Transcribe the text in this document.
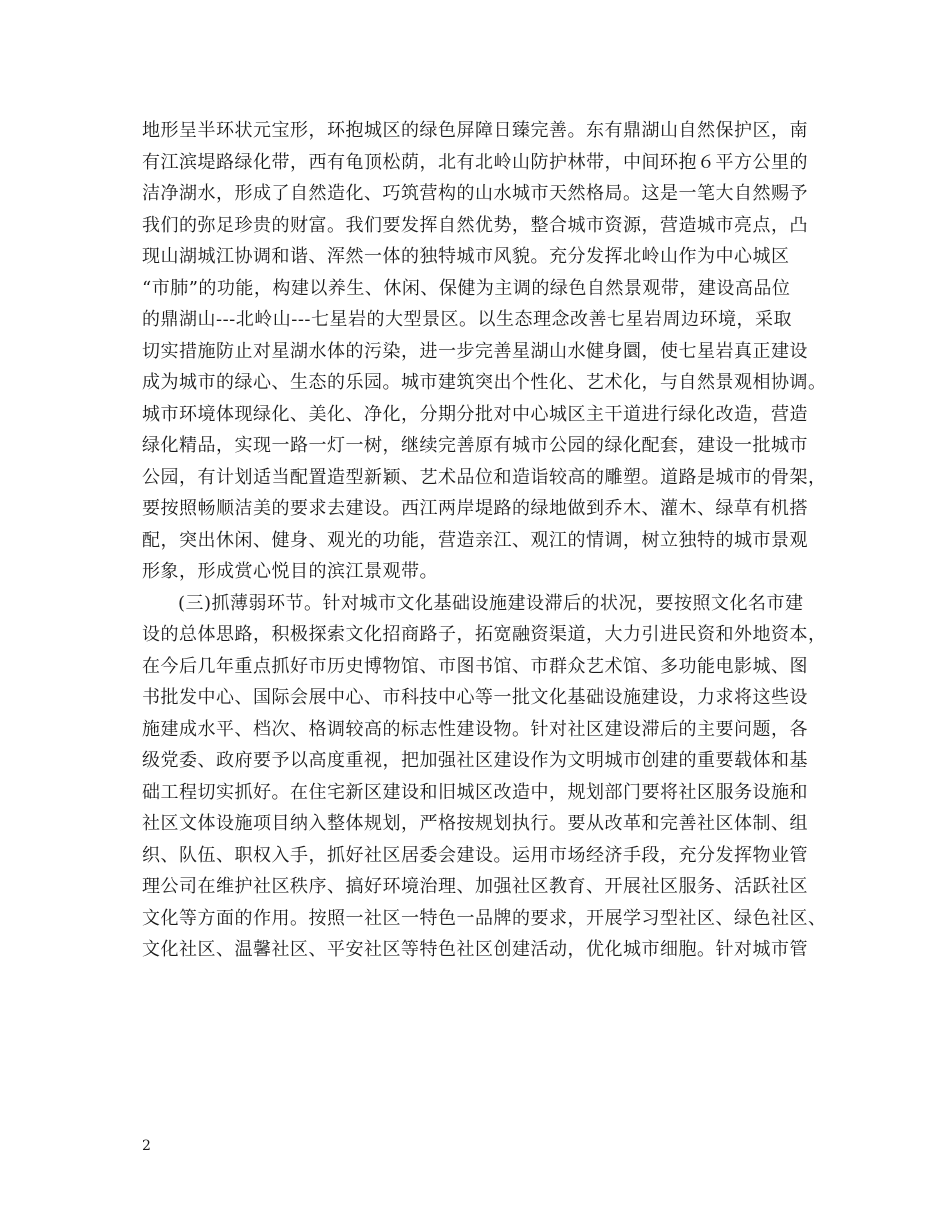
地形呈半环状元宝形，环抱城区的绿色屏障日臻完善。东有鼎湖山自然保护区，南
有江滨堤路绿化带，西有龟顶松荫，北有北岭山防护林带，中间环抱６平方公里的
洁净湖水，形成了自然造化、巧筑营构的山水城市天然格局。这是一笔大自然赐予
我们的弥足珍贵的财富。我们要发挥自然优势，整合城市资源，营造城市亮点，凸
现山湖城江协调和谐、浑然一体的独特城市风貌。充分发挥北岭山作为中心城区
“市肺”的功能，构建以养生、休闲、保健为主调的绿色自然景观带，建设高品位
的鼎湖山---北岭山---七星岩的大型景区。以生态理念改善七星岩周边环境，采取
切实措施防止对星湖水体的污染，进一步完善星湖山水健身圜，使七星岩真正建设
成为城市的绿心、生态的乐园。城市建筑突出个性化、艺术化，与自然景观相协调。
城市环境体现绿化、美化、净化，分期分批对中心城区主干道进行绿化改造，营造
绿化精品，实现一路一灯一树，继续完善原有城市公园的绿化配套，建设一批城市
公园，有计划适当配置造型新颖、艺术品位和造诣较高的雕塑。道路是城市的骨架，
要按照畅顺洁美的要求去建设。西江两岸堤路的绿地做到乔木、灌木、绿草有机搭
配，突出休闲、健身、观光的功能，营造亲江、观江的情调，树立独特的城市景观
形象，形成赏心悦目的滨江景观带。
(三)抓薄弱环节。针对城市文化基础设施建设滞后的状况，要按照文化名市建
设的总体思路，积极探索文化招商路子，拓宽融资渠道，大力引进民资和外地资本，
在今后几年重点抓好市历史博物馆、市图书馆、市群众艺术馆、多功能电影城、图
书批发中心、国际会展中心、市科技中心等一批文化基础设施建设，力求将这些设
施建成水平、档次、格调较高的标志性建设物。针对社区建设滞后的主要问题，各
级党委、政府要予以高度重视，把加强社区建设作为文明城市创建的重要载体和基
础工程切实抓好。在住宅新区建设和旧城区改造中，规划部门要将社区服务设施和
社区文体设施项目纳入整体规划，严格按规划执行。要从改革和完善社区体制、组
织、队伍、职权入手，抓好社区居委会建设。运用市场经济手段，充分发挥物业管
理公司在维护社区秩序、搞好环境治理、加强社区教育、开展社区服务、活跃社区
文化等方面的作用。按照一社区一特色一品牌的要求，开展学习型社区、绿色社区、
文化社区、温馨社区、平安社区等特色社区创建活动，优化城市细胞。针对城市管
2
